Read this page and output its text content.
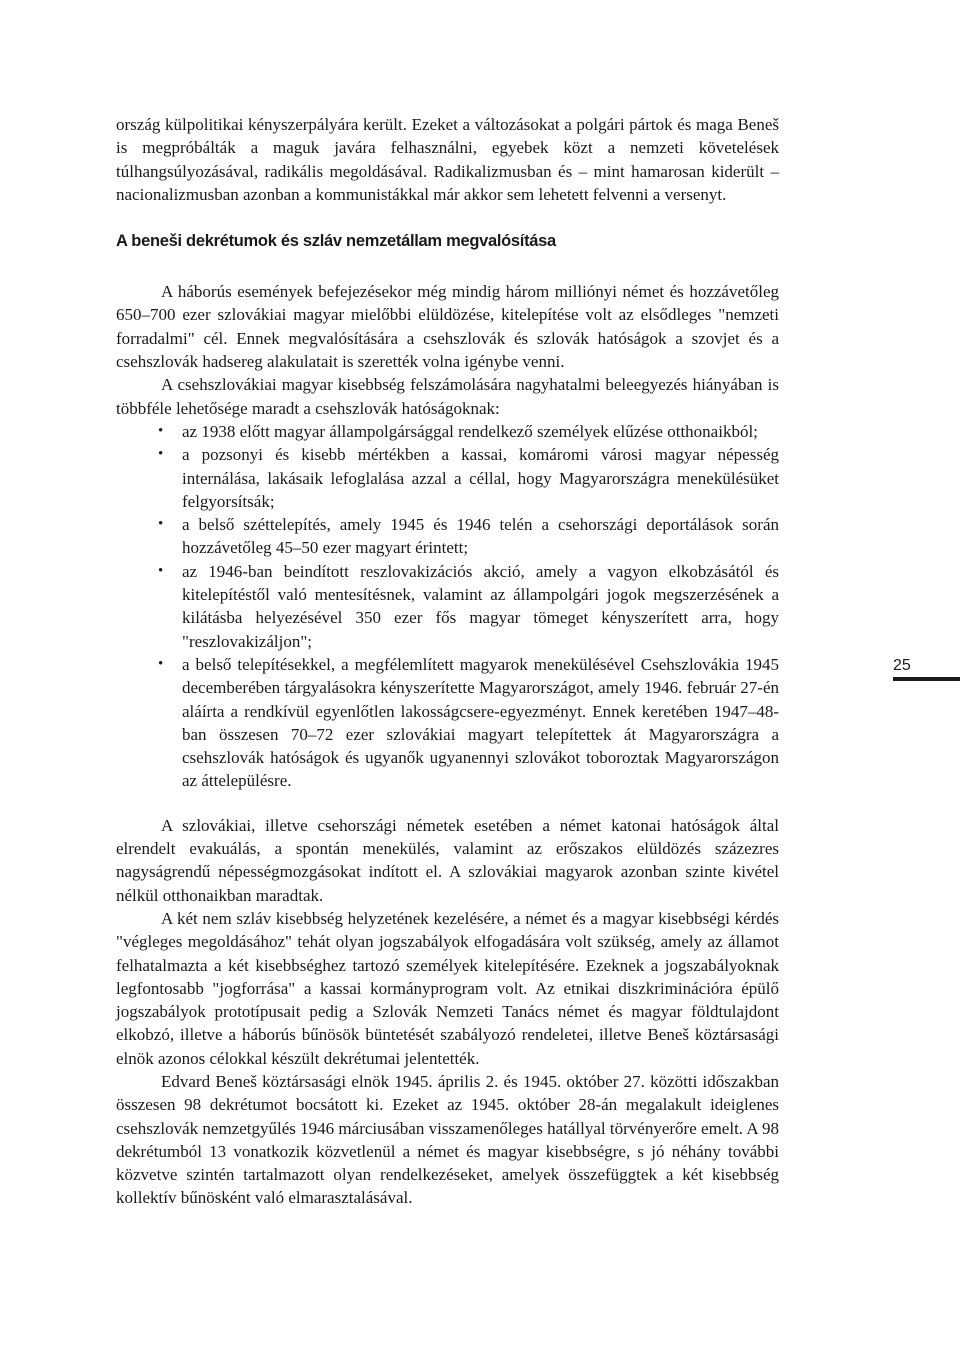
ország külpolitikai kényszerpályára került. Ezeket a változásokat a polgári pártok és maga Beneš is megpróbálták a maguk javára felhasználni, egyebek közt a nemzeti követelések túlhangsúlyozásával, radikális megoldásával. Radikalizmusban és – mint hamarosan kiderült – nacionalizmusban azonban a kommunistákkal már akkor sem lehetett felvenni a versenyt.

A beneši dekrétumok és szláv nemzetállam megvalósítása

A háborús események befejezésekor még mindig három milliónyi német és hozzávetőleg 650–700 ezer szlovákiai magyar mielőbbi elüldözése, kitelepítése volt az elsődleges "nemzeti forradalmi" cél. Ennek megvalósítására a csehszlovák és szlovák hatóságok a szovjet és a csehszlovák hadsereg alakulatait is szerették volna igénybe venni.

A csehszlovákiai magyar kisebbség felszámolására nagyhatalmi beleegyezés hiányában is többféle lehetősége maradt a csehszlovák hatóságoknak:

• az 1938 előtt magyar állampolgársággal rendelkező személyek elűzése otthonaikból;
• a pozsonyi és kisebb mértékben a kassai, komáromi városi magyar népesség internálása, lakásaik lefoglalása azzal a céllal, hogy Magyarországra menekülésüket felgyorsítsák;
• a belső széttelepítés, amely 1945 és 1946 telén a csehországi deportálások során hozzávetőleg 45–50 ezer magyart érintett;
• az 1946-ban beindított reszlovakizációs akció, amely a vagyon elkobzásától és kitelepítéstől való mentesítésnek, valamint az állampolgári jogok megszerzésének a kilátásba helyezésével 350 ezer fős magyar tömeget kényszerített arra, hogy "reszlovakizáljon";
• a belső telepítésekkel, a megfélemlített magyarok menekülésével Csehszlovákia 1945 decemberében tárgyalásokra kényszerítette Magyarországot, amely 1946. február 27-én aláírta a rendkívül egyenlőtlen lakosságcsere-egyezményt. Ennek keretében 1947–48-ban összesen 70–72 ezer szlovákiai magyart telepítettek át Magyarországra a csehszlovák hatóságok és ugyanők ugyanennyi szlovákot toboroztak Magyarországon az áttelepülésre.

A szlovákiai, illetve csehországi németek esetében a német katonai hatóságok által elrendelt evakuálás, a spontán menekülés, valamint az erőszakos elüldözés százezres nagyságrendű népességmozgásokat indított el. A szlovákiai magyarok azonban szinte kivétel nélkül otthonaikban maradtak.

A két nem szláv kisebbség helyzetének kezelésére, a német és a magyar kisebbségi kérdés "végleges megoldásához" tehát olyan jogszabályok elfogadására volt szükség, amely az államot felhatalmazta a két kisebbséghez tartozó személyek kitelepítésére. Ezeknek a jogszabályoknak legfontosabb "jogforrása" a kassai kormányprogram volt. Az etnikai diszkriminációra épülő jogszabályok prototípusait pedig a Szlovák Nemzeti Tanács német és magyar földtulajdont elkobzó, illetve a háborús bűnösök büntetését szabályozó rendeletei, illetve Beneš köztársasági elnök azonos célokkal készült dekrétumai jelentették.

Edvard Beneš köztársasági elnök 1945. április 2. és 1945. október 27. közötti időszakban összesen 98 dekrétumot bocsátott ki. Ezeket az 1945. október 28-án megalakult ideiglenes csehszlovák nemzetgyűlés 1946 márciusában visszamenőleges hatállyal törvényerőre emelt. A 98 dekrétumból 13 vonatkozik közvetlenül a német és magyar kisebbségre, s jó néhány további közvetve szintén tartalmazott olyan rendelkezéseket, amelyek összefüggtek a két kisebbség kollektív bűnösként való elmarasztalásával.

25
